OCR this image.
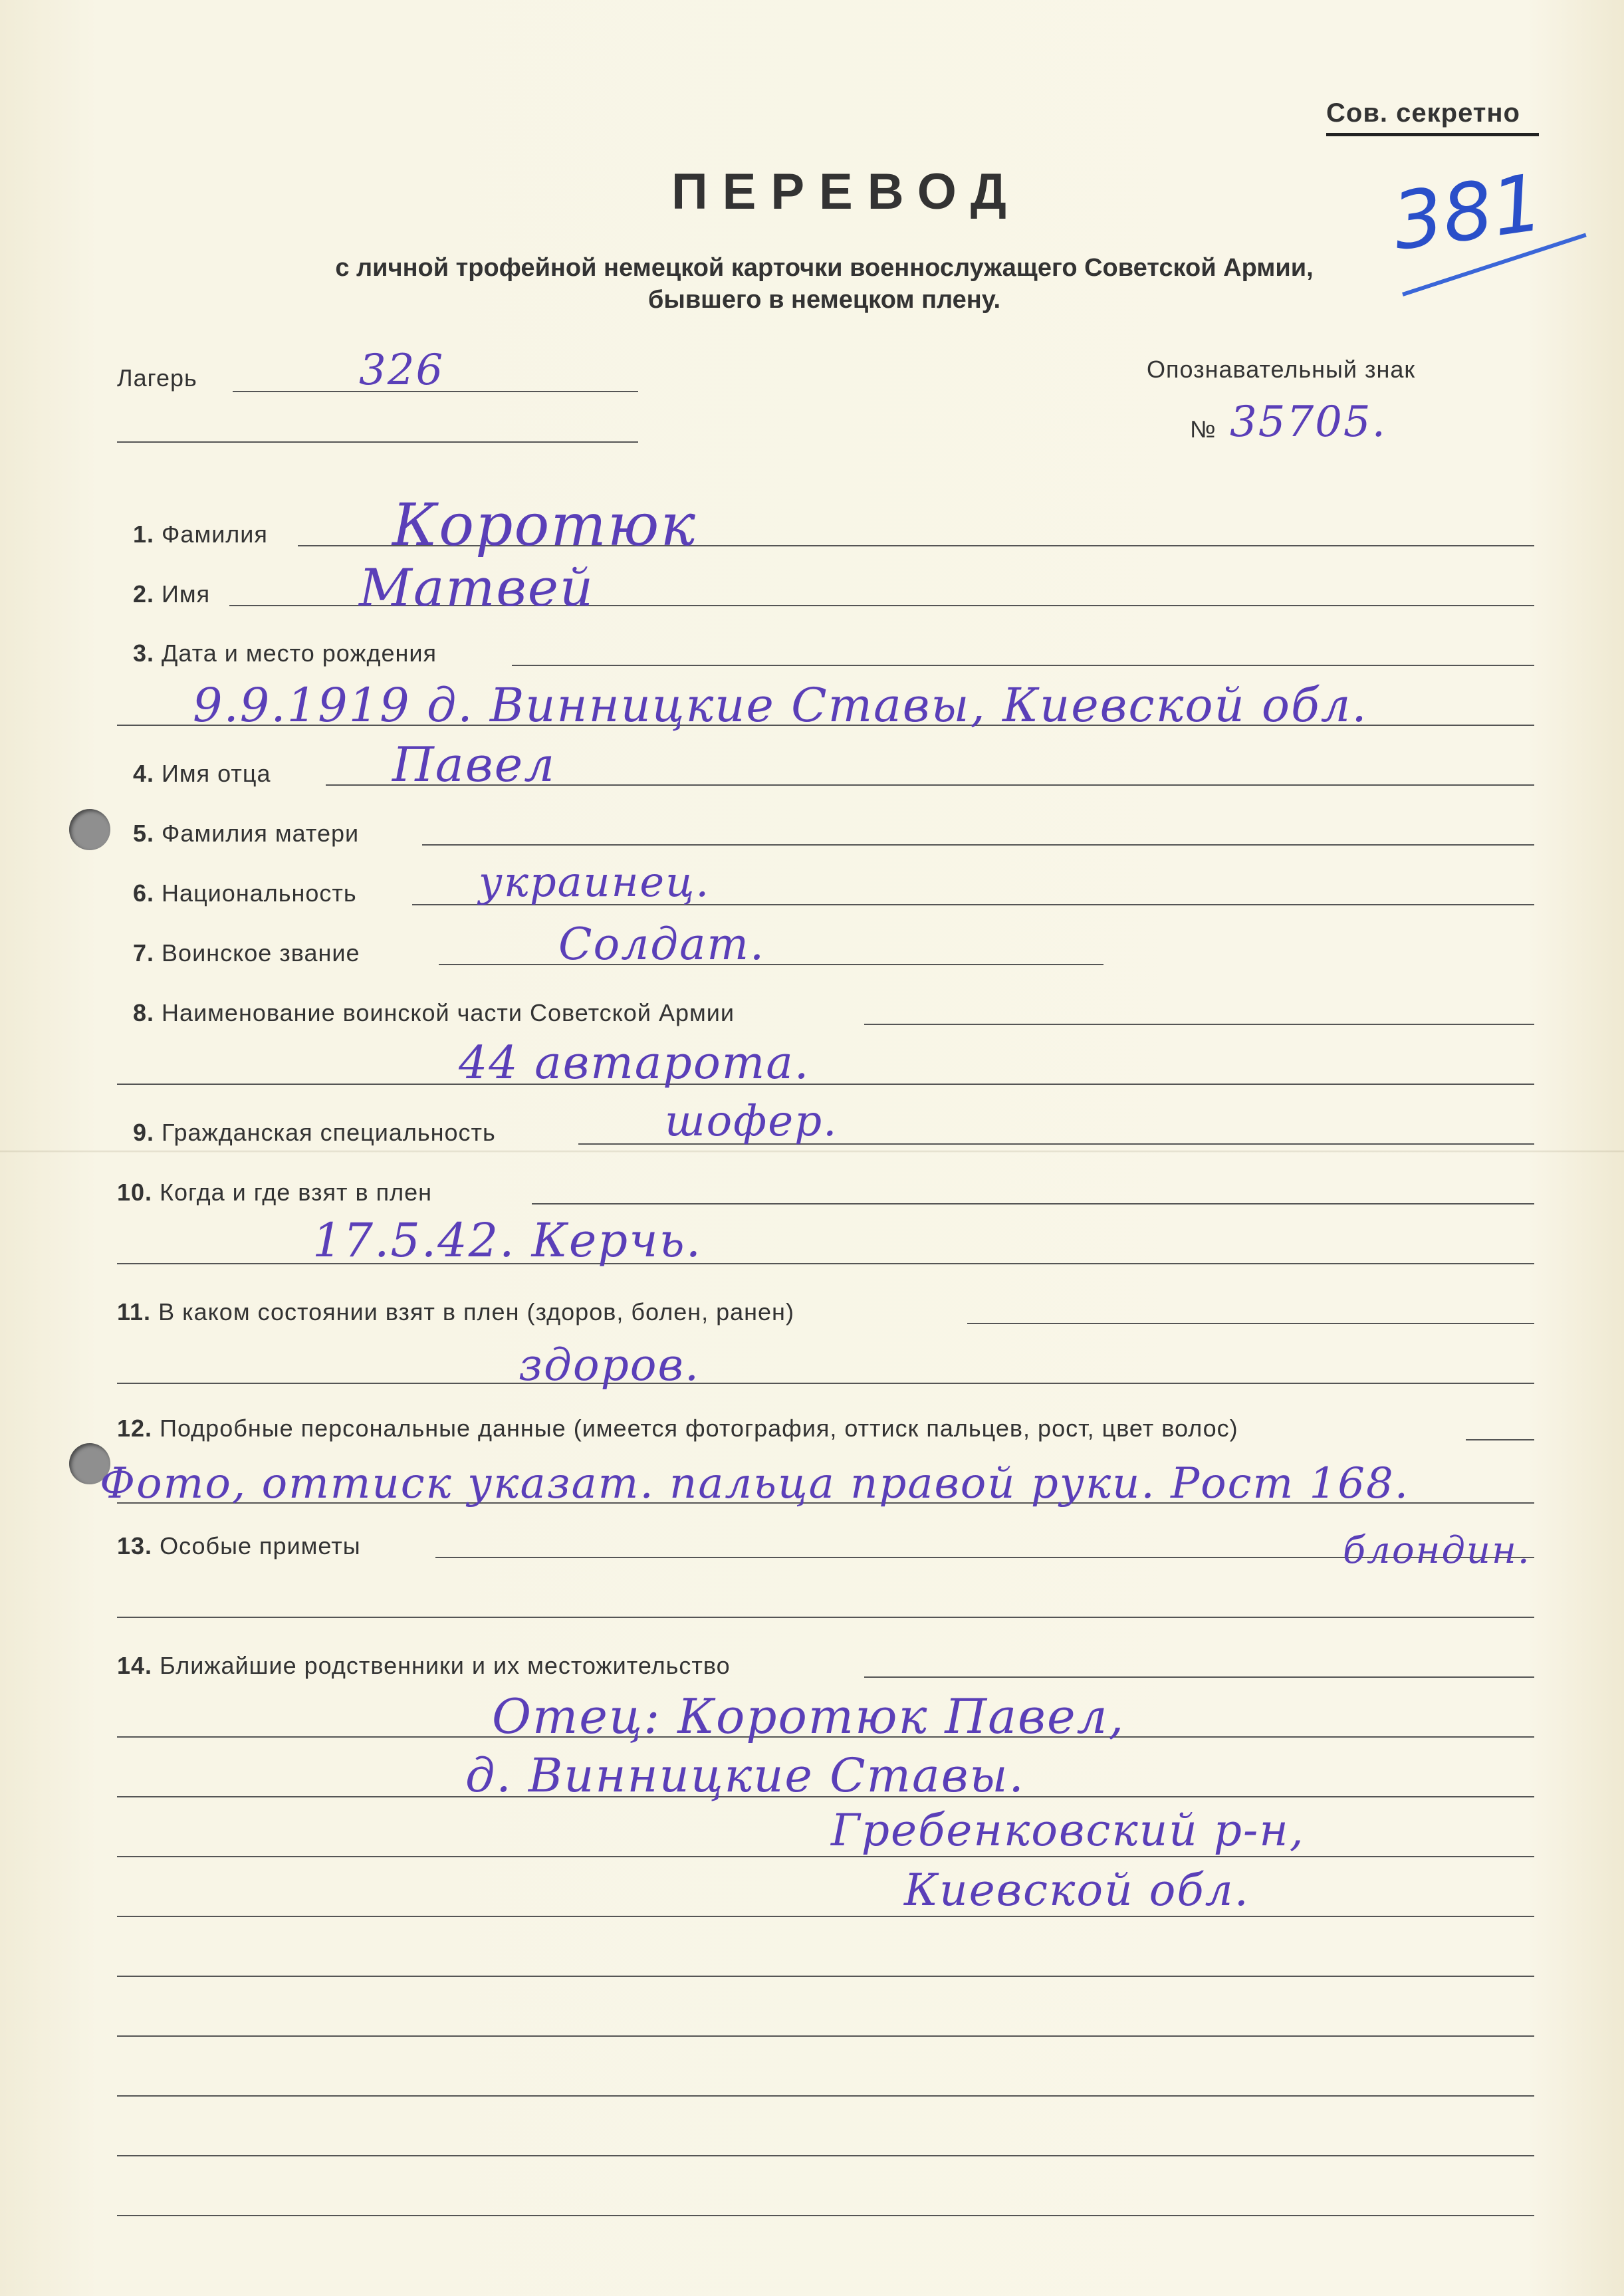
Сов. секретно
381
ПЕРЕВОД
с личной трофейной немецкой карточки военнослужащего Советской Армии,
бывшего в немецком плену.
Лагерь	326	Опознавательный знак
№ 35705.
1. Фамилия Коротюк
2. Имя	Матвей
3. Дата и место рождения
9.9.1919 д. Винницкие Ставы, Киевской обл.
4. Имя отца	Павел
5. Фамилия матери
6. Национальность	украинец.
7. Воинское звание	Солдат.
8. Наименование воинской части Советской Армии
44 автарота.
9. Гражданская специальность	шофер.
10. Когда и где взят в плен
17.5.42. Керчь.
11. В каком состоянии взят в плен (здоров, болен, ранен)
здоров.
12. Подробные персональные данные (имеется фотография, оттиск пальцев, рост, цвет волос)
Фото, оттиск указат. пальца правой руки. Рост 168.
13. Особые приметы	блондин.
14. Ближайшие родственники и их местожительство
Отец: Коротюк Павел,
д. Винницкие Ставы.
Гребенковский р-н,
Киевской обл.
